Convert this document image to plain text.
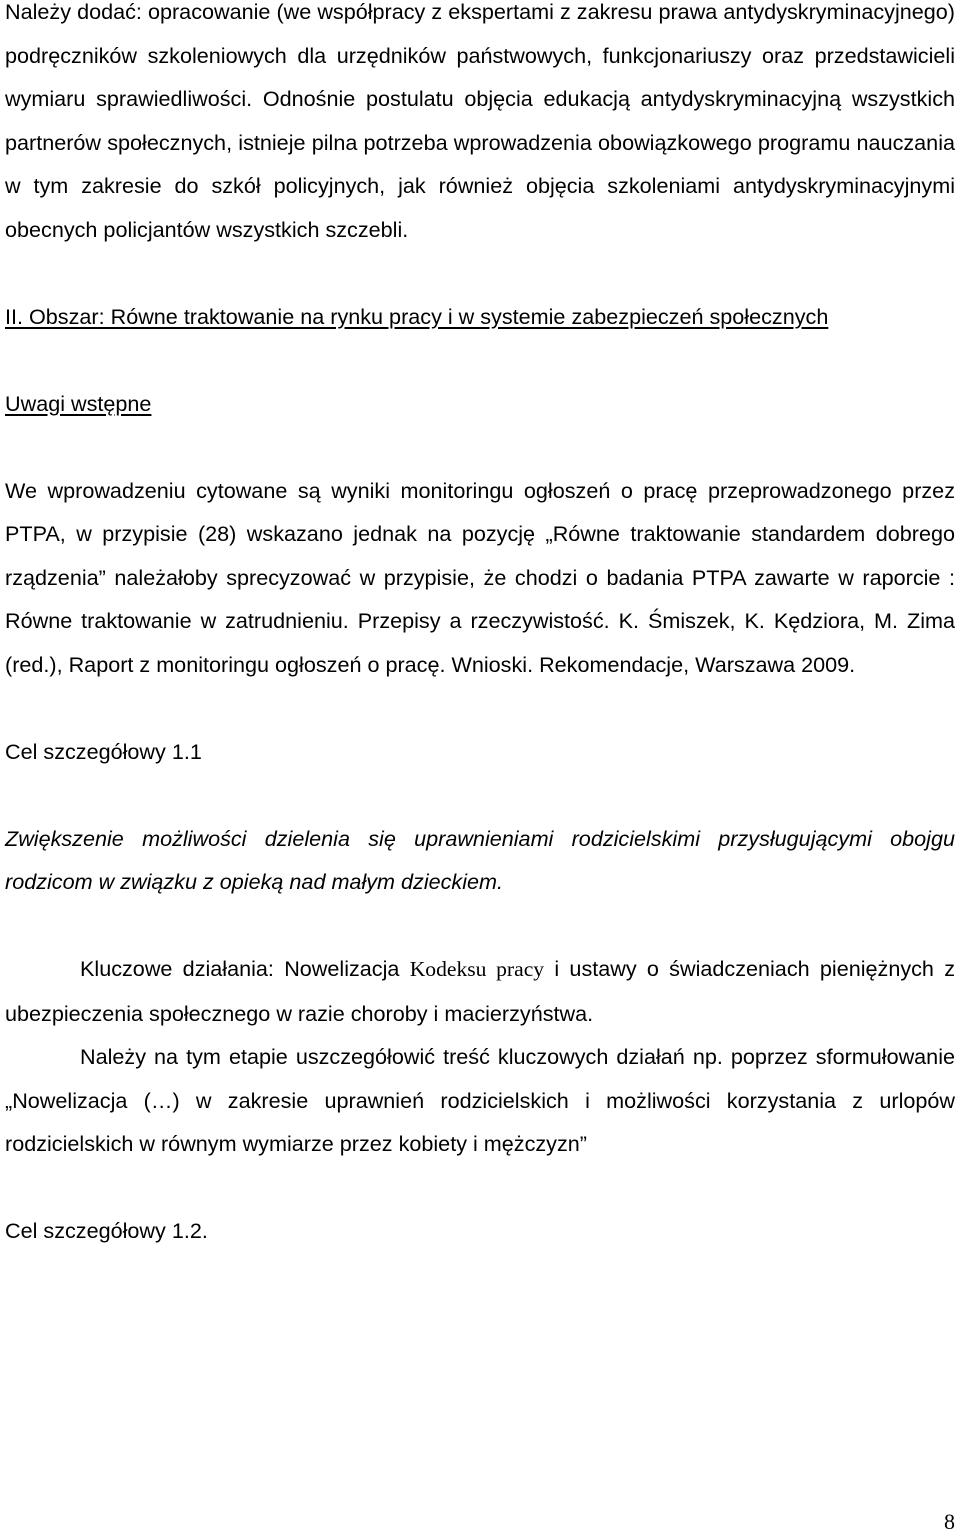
Należy dodać: opracowanie (we współpracy z ekspertami z zakresu prawa antydyskryminacyjnego) podręczników szkoleniowych dla urzędników państwowych, funkcjonariuszy oraz przedstawicieli wymiaru sprawiedliwości. Odnośnie postulatu objęcia edukacją antydyskryminacyjną wszystkich partnerów społecznych, istnieje pilna potrzeba wprowadzenia obowiązkowego programu nauczania w tym zakresie do szkół policyjnych, jak również objęcia szkoleniami antydyskryminacyjnymi obecnych policjantów wszystkich szczebli.

II. Obszar: Równe traktowanie na rynku pracy i w systemie zabezpieczeń społecznych

Uwagi wstępne

We wprowadzeniu cytowane są wyniki monitoringu ogłoszeń o pracę przeprowadzonego przez PTPA, w przypisie (28) wskazano jednak na pozycję „Równe traktowanie standardem dobrego rządzenia” należałoby sprecyzować w przypisie, że chodzi o badania PTPA zawarte w raporcie : Równe traktowanie w zatrudnieniu. Przepisy a rzeczywistość. K. Śmiszek, K. Kędziora, M. Zima (red.), Raport z monitoringu ogłoszeń o pracę. Wnioski. Rekomendacje, Warszawa 2009.

Cel szczegółowy 1.1

Zwiększenie możliwości dzielenia się uprawnieniami rodzicielskimi przysługującymi obojgu rodzicom w związku z opieką nad małym dzieckiem.

Kluczowe działania: Nowelizacja Kodeksu pracy i ustawy o świadczeniach pieniężnych z ubezpieczenia społecznego w razie choroby i macierzyństwa.

Należy na tym etapie uszczegółowić treść kluczowych działań np. poprzez sformułowanie „Nowelizacja (…) w zakresie uprawnień rodzicielskich i możliwości korzystania z urlopów rodzicielskich w równym wymiarze przez kobiety i mężczyzn”

Cel szczegółowy 1.2.

8
